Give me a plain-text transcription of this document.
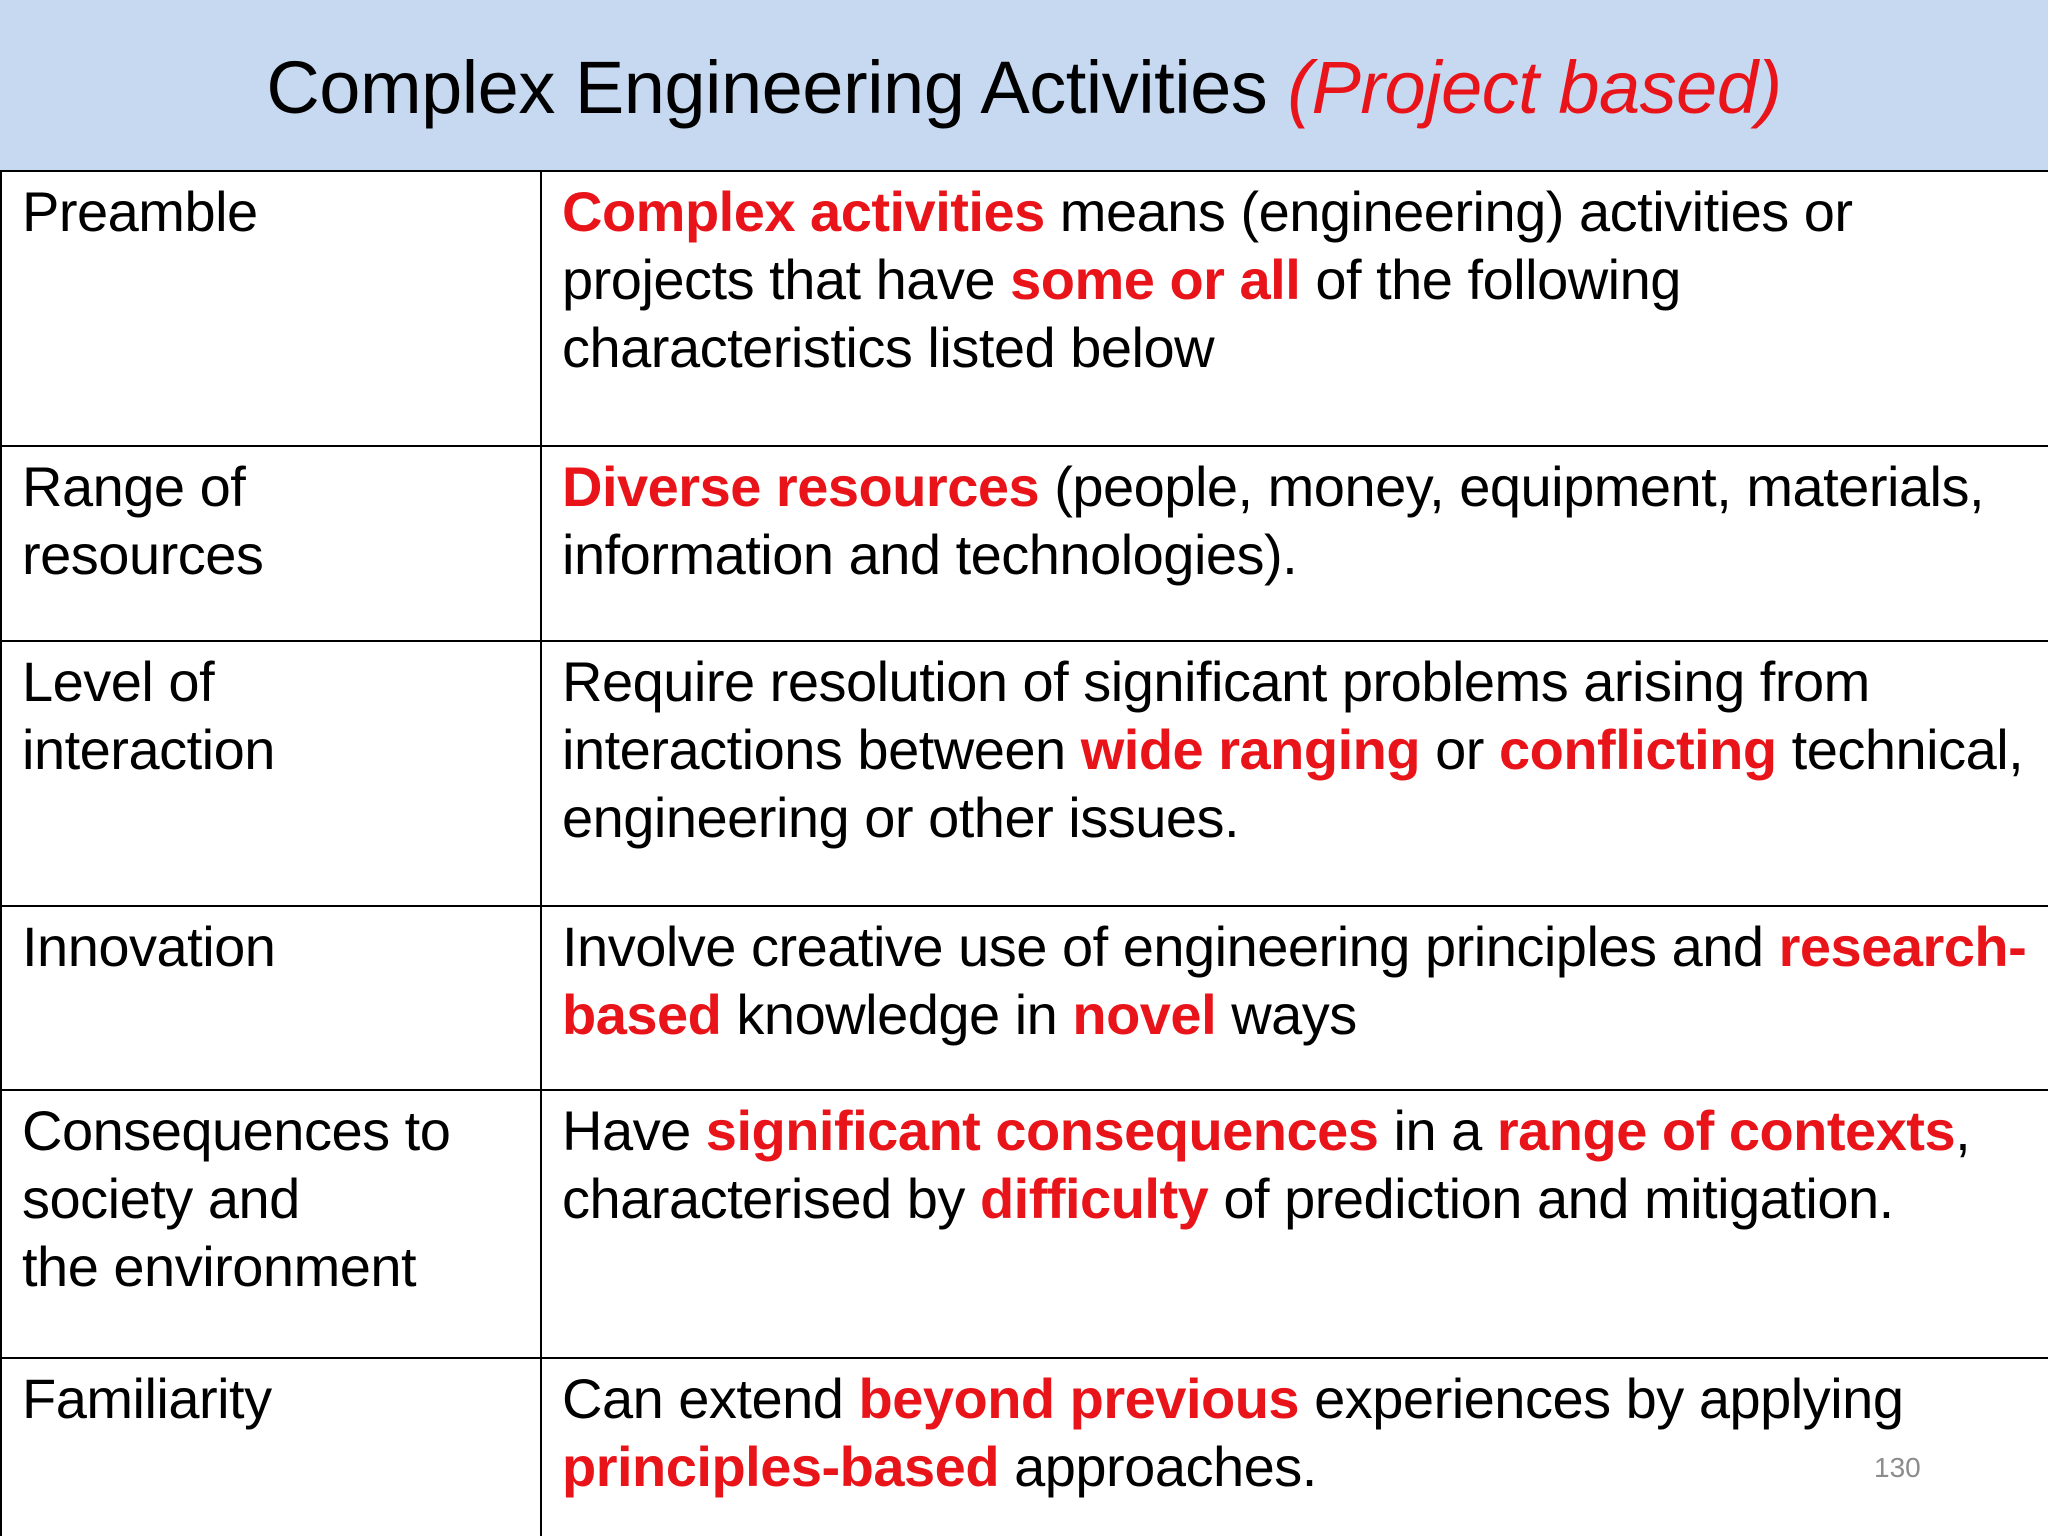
Complex Engineering Activities (Project based)
Preamble	Complex activities means (engineering) activities or projects that have some or all of the following characteristics listed below
Range of
resources	Diverse resources (people, money, equipment, materials, information and technologies).
Level of
interaction	Require resolution of significant problems arising from interactions between wide ranging or conflicting technical, engineering or other issues.
Innovation	Involve creative use of engineering principles and research-based knowledge in novel ways
Consequences to
society and
the environment	Have significant consequences in a range of contexts, characterised by difficulty of prediction and mitigation.
Familiarity	Can extend beyond previous experiences by applying principles-based approaches.	130
